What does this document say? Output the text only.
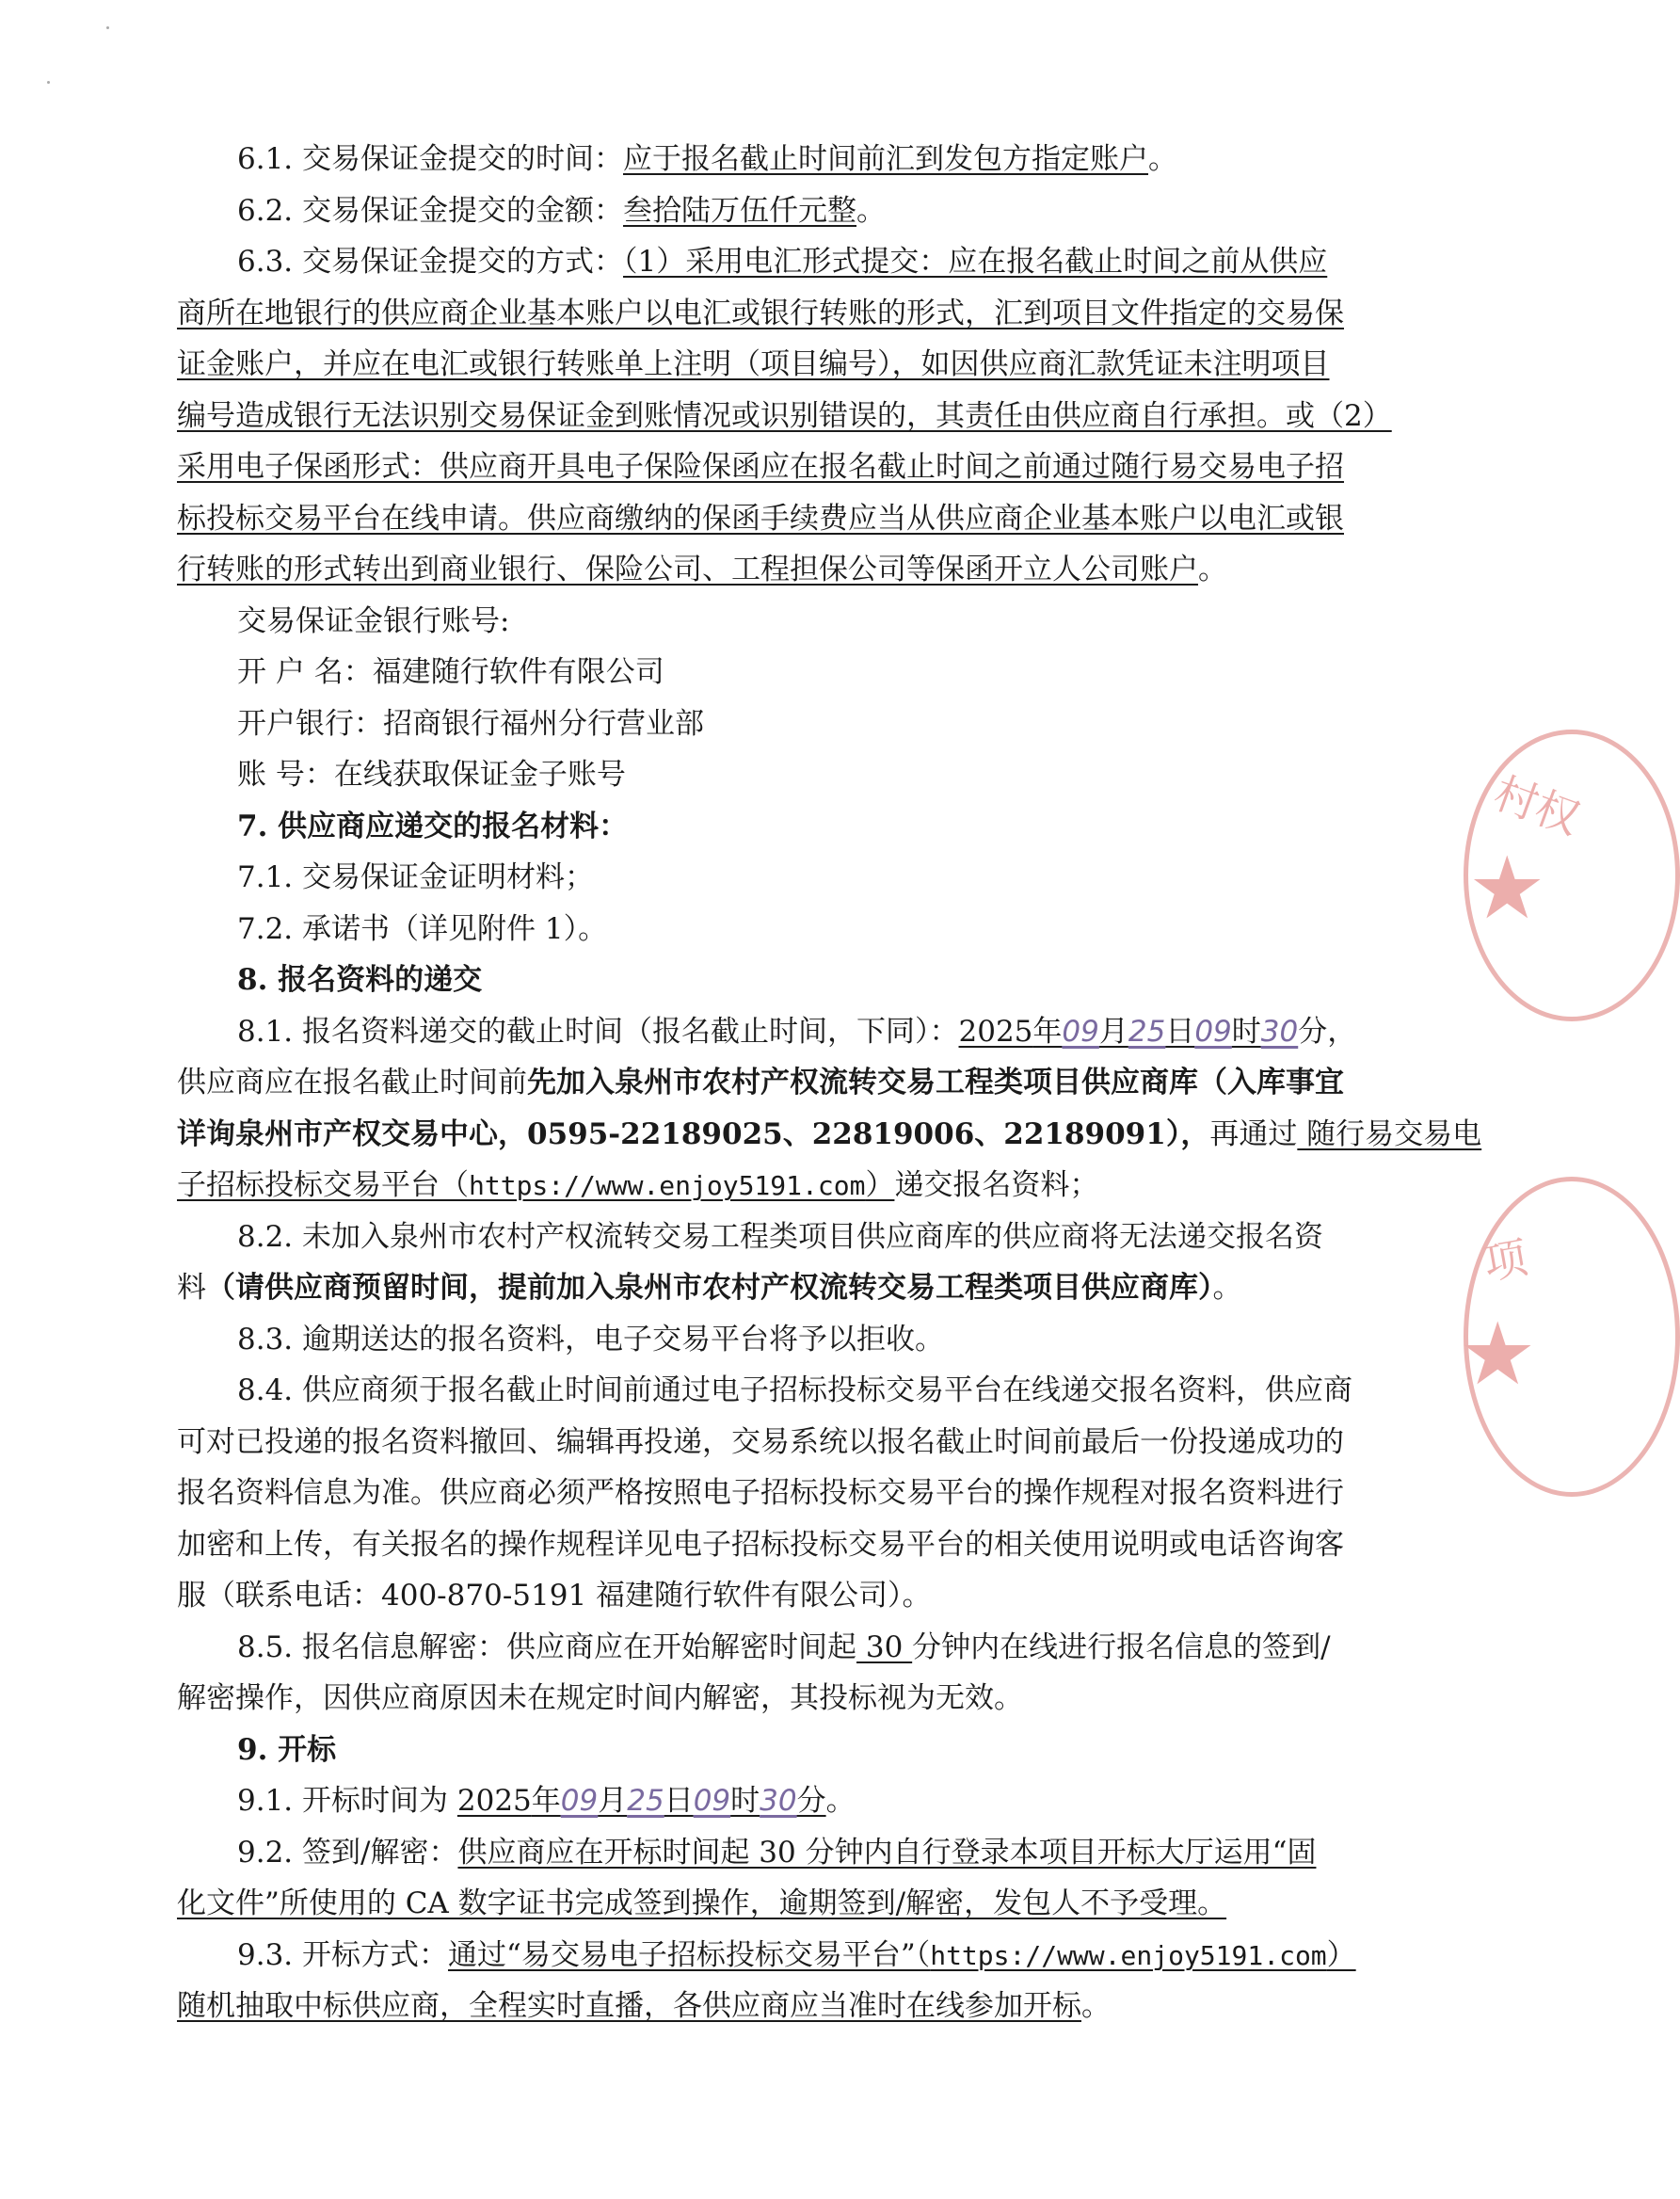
6.1. 交易保证金提交的时间：应于报名截止时间前汇到发包方指定账户。
6.2. 交易保证金提交的金额：叁拾陆万伍仟元整。
6.3. 交易保证金提交的方式：（1）采用电汇形式提交：应在报名截止时间之前从供应
商所在地银行的供应商企业基本账户以电汇或银行转账的形式，汇到项目文件指定的交易保
证金账户，并应在电汇或银行转账单上注明（项目编号），如因供应商汇款凭证未注明项目
编号造成银行无法识别交易保证金到账情况或识别错误的，其责任由供应商自行承担。或（2）
采用电子保函形式：供应商开具电子保险保函应在报名截止时间之前通过随行易交易电子招
标投标交易平台在线申请。供应商缴纳的保函手续费应当从供应商企业基本账户以电汇或银
行转账的形式转出到商业银行、保险公司、工程担保公司等保函开立人公司账户。
交易保证金银行账号:
开 户 名：福建随行软件有限公司
开户银行：招商银行福州分行营业部
账 号：在线获取保证金子账号
7. 供应商应递交的报名材料：
7.1. 交易保证金证明材料；
7.2. 承诺书（详见附件 1）。
8. 报名资料的递交
8.1. 报名资料递交的截止时间（报名截止时间，下同）：2025年09月25日09时30分，
供应商应在报名截止时间前先加入泉州市农村产权流转交易工程类项目供应商库（入库事宜
详询泉州市产权交易中心，0595-22189025、22819006、22189091），再通过 随行易交易电
子招标投标交易平台（https://www.enjoy5191.com）递交报名资料；
8.2. 未加入泉州市农村产权流转交易工程类项目供应商库的供应商将无法递交报名资
料（请供应商预留时间，提前加入泉州市农村产权流转交易工程类项目供应商库）。
8.3. 逾期送达的报名资料，电子交易平台将予以拒收。
8.4. 供应商须于报名截止时间前通过电子招标投标交易平台在线递交报名资料，供应商
可对已投递的报名资料撤回、编辑再投递，交易系统以报名截止时间前最后一份投递成功的
报名资料信息为准。供应商必须严格按照电子招标投标交易平台的操作规程对报名资料进行
加密和上传，有关报名的操作规程详见电子招标投标交易平台的相关使用说明或电话咨询客
服（联系电话：400-870-5191 福建随行软件有限公司）。
8.5. 报名信息解密：供应商应在开始解密时间起 30 分钟内在线进行报名信息的签到/
解密操作，因供应商原因未在规定时间内解密，其投标视为无效。
9. 开标
9.1. 开标时间为 2025年09月25日09时30分。
9.2. 签到/解密：供应商应在开标时间起 30 分钟内自行登录本项目开标大厅运用“固
化文件”所使用的 CA 数字证书完成签到操作，逾期签到/解密，发包人不予受理。
9.3. 开标方式：通过“易交易电子招标投标交易平台”（https://www.enjoy5191.com）
随机抽取中标供应商，全程实时直播，各供应商应当准时在线参加开标。
村权
★
项
★
